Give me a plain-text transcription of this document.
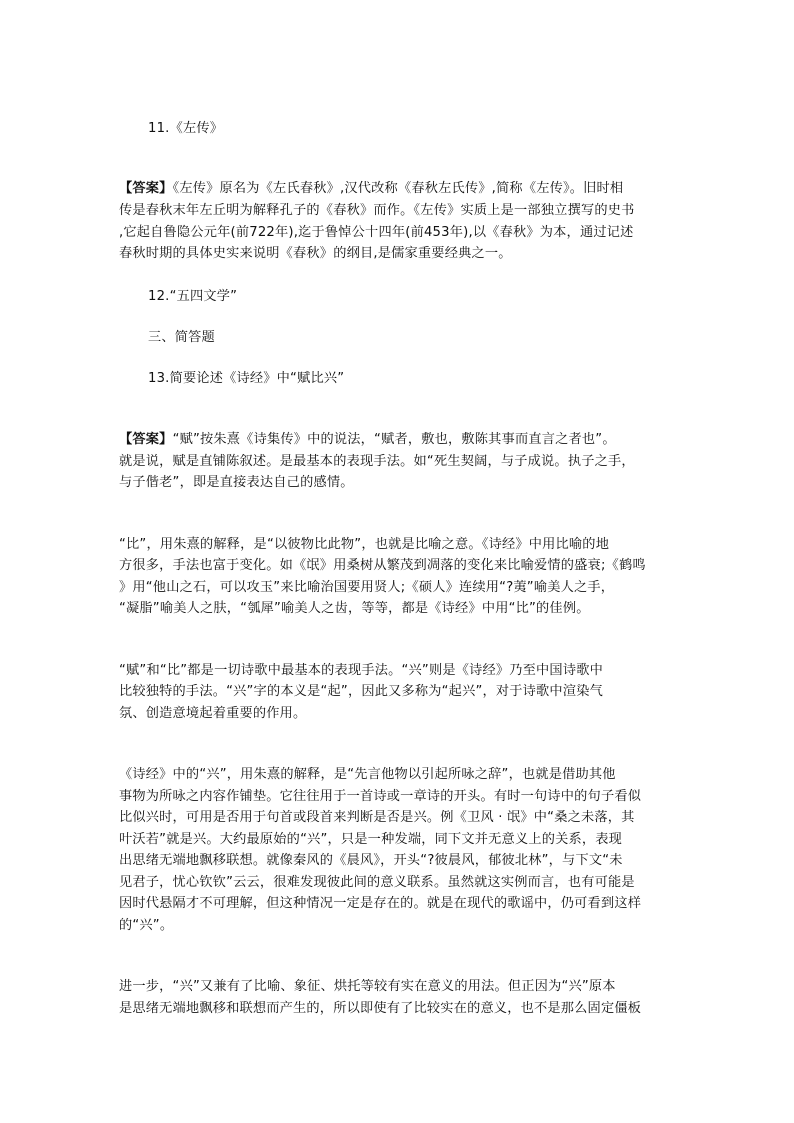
11.《左传》
【答案】《左传》原名为《左氏春秋》,汉代改称《春秋左氏传》,简称《左传》。旧时相
传是春秋末年左丘明为解释孔子的《春秋》而作。《左传》实质上是一部独立撰写的史书
,它起自鲁隐公元年(前722年),迄于鲁悼公十四年(前453年),以《春秋》为本，通过记述
春秋时期的具体史实来说明《春秋》的纲目,是儒家重要经典之一。
12.“五四文学”
三、简答题
13.简要论述《诗经》中“赋比兴”
【答案】“赋”按朱熹《诗集传》中的说法，“赋者，敷也，敷陈其事而直言之者也”。
就是说，赋是直铺陈叙述。是最基本的表现手法。如“死生契阔，与子成说。执子之手，
与子偕老”，即是直接表达自己的感情。
“比”，用朱熹的解释，是“以彼物比此物”，也就是比喻之意。《诗经》中用比喻的地
方很多，手法也富于变化。如《氓》用桑树从繁茂到凋落的变化来比喻爱情的盛衰;《鹤鸣
》用“他山之石，可以攻玉”来比喻治国要用贤人;《硕人》连续用“?荑”喻美人之手，
“凝脂”喻美人之肤，“瓠犀”喻美人之齿，等等，都是《诗经》中用“比”的佳例。
“赋”和“比”都是一切诗歌中最基本的表现手法。“兴”则是《诗经》乃至中国诗歌中
比较独特的手法。“兴”字的本义是“起”，因此又多称为“起兴”，对于诗歌中渲染气
氛、创造意境起着重要的作用。
《诗经》中的“兴”，用朱熹的解释，是“先言他物以引起所咏之辞”，也就是借助其他
事物为所咏之内容作铺垫。它往往用于一首诗或一章诗的开头。有时一句诗中的句子看似
比似兴时，可用是否用于句首或段首来判断是否是兴。例《卫风 · 氓》中“桑之未落，其
叶沃若”就是兴。大约最原始的“兴”，只是一种发端，同下文并无意义上的关系，表现
出思绪无端地飘移联想。就像秦风的《晨风》，开头“?彼晨风，郁彼北林”，与下文“未
见君子，忧心钦钦”云云，很难发现彼此间的意义联系。虽然就这实例而言，也有可能是
因时代悬隔才不可理解，但这种情况一定是存在的。就是在现代的歌谣中，仍可看到这样
的“兴”。
进一步，“兴”又兼有了比喻、象征、烘托等较有实在意义的用法。但正因为“兴”原本
是思绪无端地飘移和联想而产生的，所以即使有了比较实在的意义，也不是那么固定僵板
